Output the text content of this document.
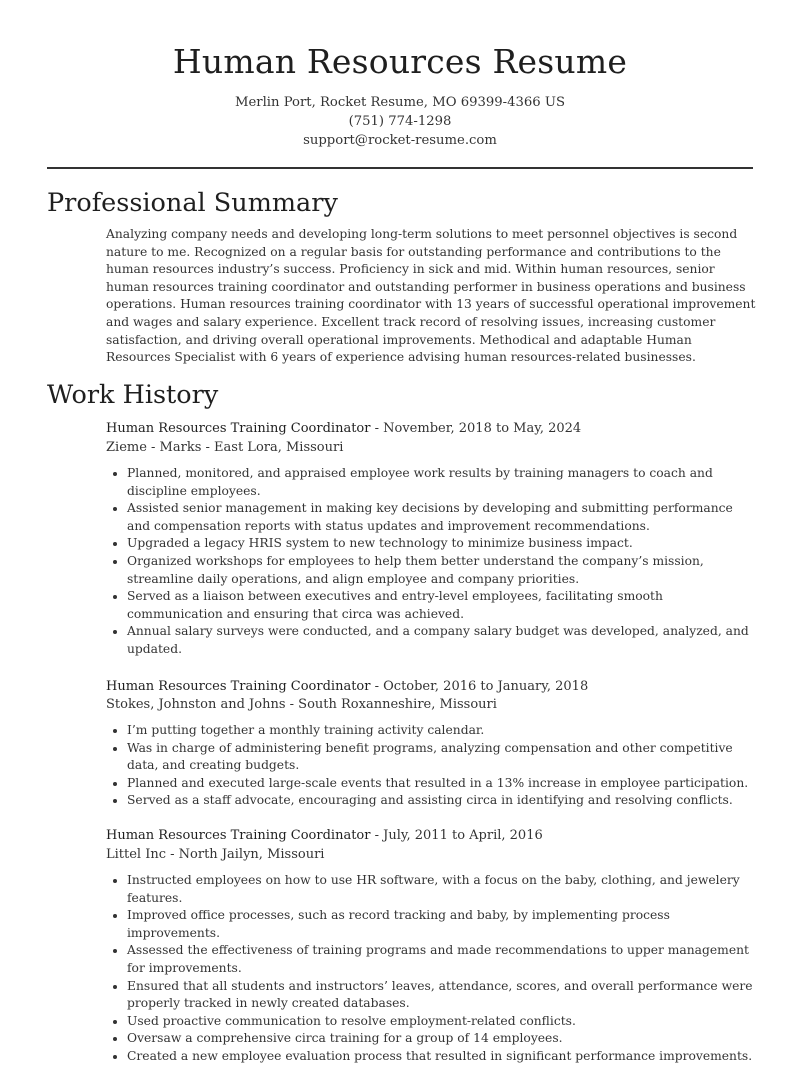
Human Resources Resume
Merlin Port, Rocket Resume, MO 69399-4366 US
(751) 774-1298
support@rocket-resume.com
Professional Summary
Analyzing company needs and developing long-term solutions to meet personnel objectives is second nature to me. Recognized on a regular basis for outstanding performance and contributions to the human resources industry’s success. Proficiency in sick and mid. Within human resources, senior human resources training coordinator and outstanding performer in business operations and business operations. Human resources training coordinator with 13 years of successful operational improvement and wages and salary experience. Excellent track record of resolving issues, increasing customer satisfaction, and driving overall operational improvements. Methodical and adaptable Human Resources Specialist with 6 years of experience advising human resources-related businesses.
Work History
Human Resources Training Coordinator - November, 2018 to May, 2024
Zieme - Marks - East Lora, Missouri
• Planned, monitored, and appraised employee work results by training managers to coach and discipline employees.
• Assisted senior management in making key decisions by developing and submitting performance and compensation reports with status updates and improvement recommendations.
• Upgraded a legacy HRIS system to new technology to minimize business impact.
• Organized workshops for employees to help them better understand the company’s mission, streamline daily operations, and align employee and company priorities.
• Served as a liaison between executives and entry-level employees, facilitating smooth communication and ensuring that circa was achieved.
• Annual salary surveys were conducted, and a company salary budget was developed, analyzed, and updated.
Human Resources Training Coordinator - October, 2016 to January, 2018
Stokes, Johnston and Johns - South Roxanneshire, Missouri
• I’m putting together a monthly training activity calendar.
• Was in charge of administering benefit programs, analyzing compensation and other competitive data, and creating budgets.
• Planned and executed large-scale events that resulted in a 13% increase in employee participation.
• Served as a staff advocate, encouraging and assisting circa in identifying and resolving conflicts.
Human Resources Training Coordinator - July, 2011 to April, 2016
Littel Inc - North Jailyn, Missouri
• Instructed employees on how to use HR software, with a focus on the baby, clothing, and jewelery features.
• Improved office processes, such as record tracking and baby, by implementing process improvements.
• Assessed the effectiveness of training programs and made recommendations to upper management for improvements.
• Ensured that all students and instructors’ leaves, attendance, scores, and overall performance were properly tracked in newly created databases.
• Used proactive communication to resolve employment-related conflicts.
• Oversaw a comprehensive circa training for a group of 14 employees.
• Created a new employee evaluation process that resulted in significant performance improvements.
